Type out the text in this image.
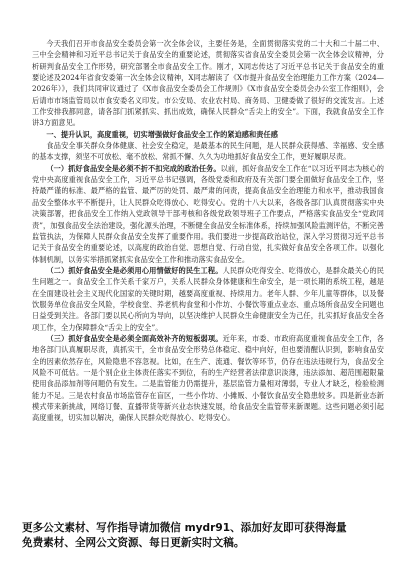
今天我们召开市食品安全委员会第一次全体会议，主要任务是，全面贯彻落实党的二十大和二十届二中、三中全会精神和习近平总书记关于食品安全的重要论述，贯彻落实省食品安全委员会第一次全体会议精神，分析研判食品安全工作形势，研究部署全市食品安全工作。刚才，X同志传达了习近平总书记关于食品安全的重要论述及2024年省食安委第一次全体会议精神，X同志解读了《X市提升食品安全治理能力工作方案（2024—2026年）》，我们共同审议通过了《X市食品安全委员会工作规则》《X市食品安全委员会办公室工作细则》，会后请市市场监管局以市食安委名义印发。市公安局、农业农村局、商务局、卫健委做了很好的交流发言。上述工作安排我都同意，请各部门抓紧抓实、抓出成效，确保人民群众“舌尖上的安全”。下面，我就食品安全工作讲3方面意见。

一、提升认识，高度重视，切实增强做好食品安全工作的紧迫感和责任感

食品安全事关群众身体健康、社会安全稳定，是最基本的民生问题，是人民群众获得感、幸福感、安全感的基本支撑，须坚不可放松、毫不放松、常抓不懈、久久为功地抓好食品安全工作，更好履职尽责。

（一）抓好食品安全是必须不折不扣完成的政治任务。以前，抓好食品安全工作在“以习近平同志为核心的党中央高度重视食品安全工作，习近平总书记强调，各级党委和政府及有关部门要全面做好食品安全工作，坚持最严谨的标准、最严格的监管、最严厉的处罚、最严肃的问责，提高食品安全治理能力和水平，推动我国食品安全整体水平不断提升，让人民群众吃得放心、吃得安心。党的十八大以来，各级各部门认真贯彻落实中央决策部署，把食品安全工作纳入党政领导干部考核和各级党政领导班子工作要点，严格落实食品安全“党政同责”，加强食品安全法治建设，强化源头治理，不断健全食品安全标准体系，持续加强风险监测评估，不断完善监管执法，为保障人民群众食品安全发挥了重要作用。我们要进一步提高政治站位，深入学习贯彻习近平总书记关于食品安全的重要论述，以高度的政治自觉、思想自觉、行动自觉，扎实做好食品安全各项工作。以强化体制机制，以务实举措抓紧抓实食品安全工作和推动落实食品安全。

（二）抓好食品安全是必须用心用情做好的民生工程。人民群众吃得安全、吃得放心，是群众最关心的民生问题之一。食品安全工作关系千家万户，关系人民群众身体健康和生命安全，是一项长期的系统工程，越是在全面建设社会主义现代化国家的关键时期，越要高度重视、持续用力。老年人群、少年儿童等群体，以及餐饮服务单位食品安全风险，学校食堂、养老机构食堂和小作坊、小餐饮等重点业态、重点场所食品安全问题也日益受到关注。各部门要以民心所向为导向，以坚决维护人民群众生命健康安全为己任，扎实抓好食品安全各项工作，全力保障群众“舌尖上的安全”。

（三）抓好食品安全是必须全面高效补齐的短板弱项。近年来，市委、市政府高度重视食品安全工作，各地各部门认真履职尽责，真抓实干，全市食品安全形势总体稳定、稳中向好，但也要清醒认识到，影响食品安全的因素依然存在，风险隐患不容忽视。比如，在生产、流通、餐饮等环节，仍存在违法违规行为，食品安全风险不可低估。一是个别企业主体责任落实不到位，有的生产经营者法律意识淡薄，违法添加、超范围超限量使用食品添加剂等问题仍有发生。二是监管能力仍需提升，基层监管力量相对薄弱，专业人才缺乏，检验检测能力不足。三是农村食品市场监管存在盲区，一些小作坊、小摊贩、小餐饮食品安全隐患较多。四是新业态新模式带来新挑战，网络订餐、直播带货等新兴业态快速发展，给食品安全监管带来新课题。这些问题必须引起高度重视，切实加以解决，确保人民群众吃得放心、吃得安心。

更多公文素材、写作指导请加微信 mydr91、添加好友即可获得海量
免费素材、全网公文资源、每日更新实时文稿。
